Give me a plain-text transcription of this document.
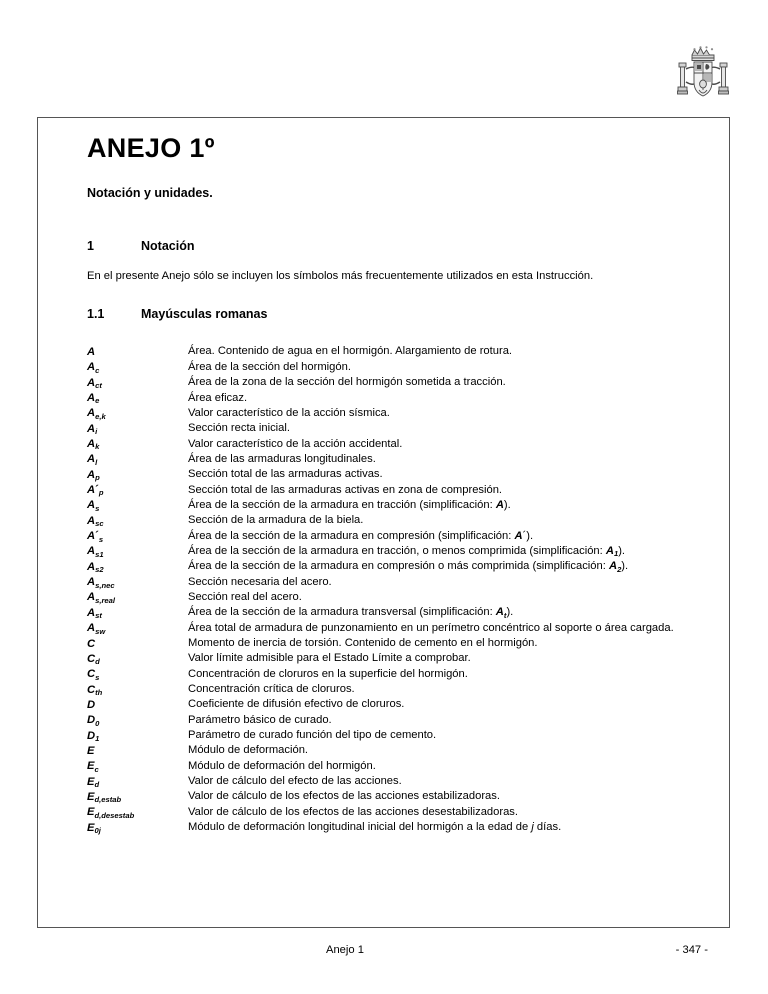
ANEJO 1º
Notación y unidades.
1	Notación

En el presente Anejo sólo se incluyen los símbolos más frecuentemente utilizados en esta Instrucción.

1.1	Mayúsculas romanas
A	Área. Contenido de agua en el hormigón. Alargamiento de rotura.
$A_c$	Área de la sección del hormigón.
$A_{ct}$	Área de la zona de la sección del hormigón sometida a tracción.
$A_e$	Área eficaz.
$A_{e,k}$	Valor característico de la acción sísmica.
$A_i$	Sección recta inicial.
$A_k$	Valor característico de la acción accidental.
$A_l$	Área de las armaduras longitudinales.
$A_p$	Sección total de las armaduras activas.
$A´_p$	Sección total de las armaduras activas en zona de compresión.
$A_s$	Área de la sección de la armadura en tracción (simplificación: A).
$A_{sc}$	Sección de la armadura de la biela.
$A´_s$	Área de la sección de la armadura en compresión (simplificación: A´).
$A_{s1}$	Área de la sección de la armadura en tracción, o menos comprimida (simplificación: $A_1$).
$A_{s2}$	Área de la sección de la armadura en compresión o más comprimida (simplificación: $A_2$).
$A_{s,nec}$	Sección necesaria del acero.
$A_{s,real}$	Sección real del acero.
$A_{st}$	Área de la sección de la armadura transversal (simplificación: $A_t$).
$A_{sw}$	Área total de armadura de punzonamiento en un perímetro concéntrico al soporte o área cargada.
C	Momento de inercia de torsión. Contenido de cemento en el hormigón.
$C_d$	Valor límite admisible para el Estado Límite a comprobar.
$C_s$	Concentración de cloruros en la superficie del hormigón.
$C_{th}$	Concentración crítica de cloruros.
D	Coeficiente de difusión efectivo de cloruros.
$D_0$	Parámetro básico de curado.
$D_1$	Parámetro de curado función del tipo de cemento.
E	Módulo de deformación.
$E_c$	Módulo de deformación del hormigón.
$E_d$	Valor de cálculo del efecto de las acciones.
$E_{d,estab}$	Valor de cálculo de los efectos de las acciones estabilizadoras.
$E_{d,desestab}$	Valor de cálculo de los efectos de las acciones desestabilizadoras.
$E_{0j}$	Módulo de deformación longitudinal inicial del hormigón a la edad de j días.
Anejo 1	- 347 -
